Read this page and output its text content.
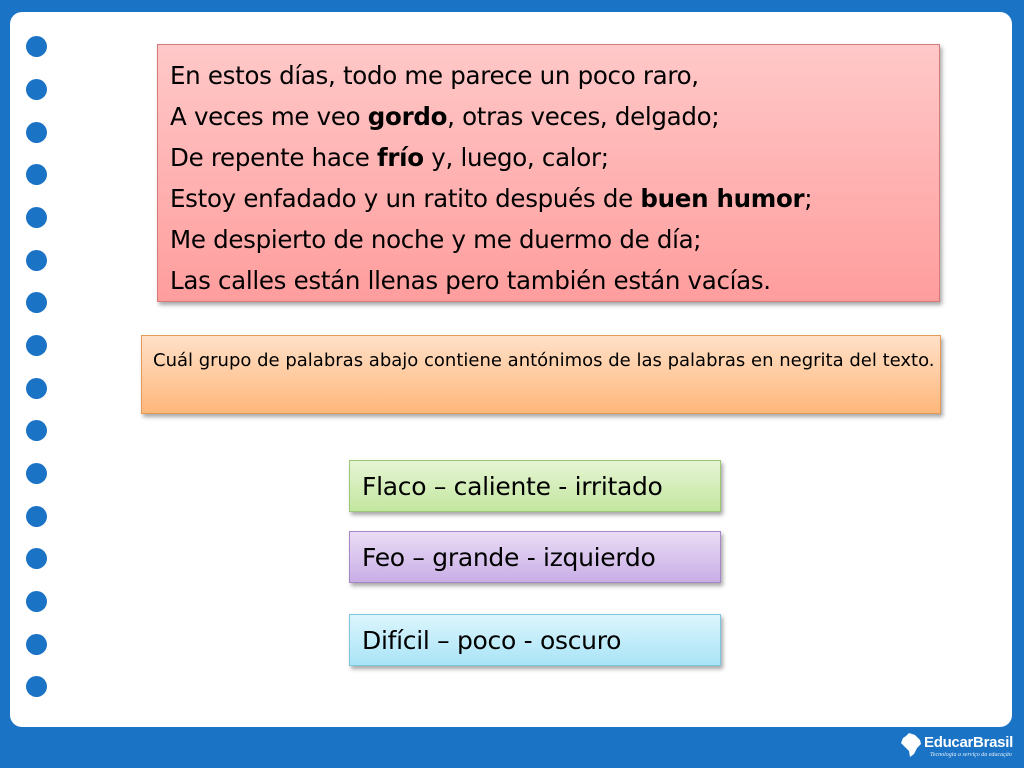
En estos días, todo me parece un poco raro,
A veces me veo gordo, otras veces, delgado;
De repente hace frío y, luego, calor;
Estoy enfadado y un ratito después de buen humor;
Me despierto de noche y me duermo de día;
Las calles están llenas pero también están vacías.
Cuál grupo de palabras abajo contiene antónimos de las palabras en negrita del texto.
Flaco – caliente - irritado
Feo – grande - izquierdo
Difícil – poco - oscuro
EducarBrasil
Tecnologia a serviço da educação
